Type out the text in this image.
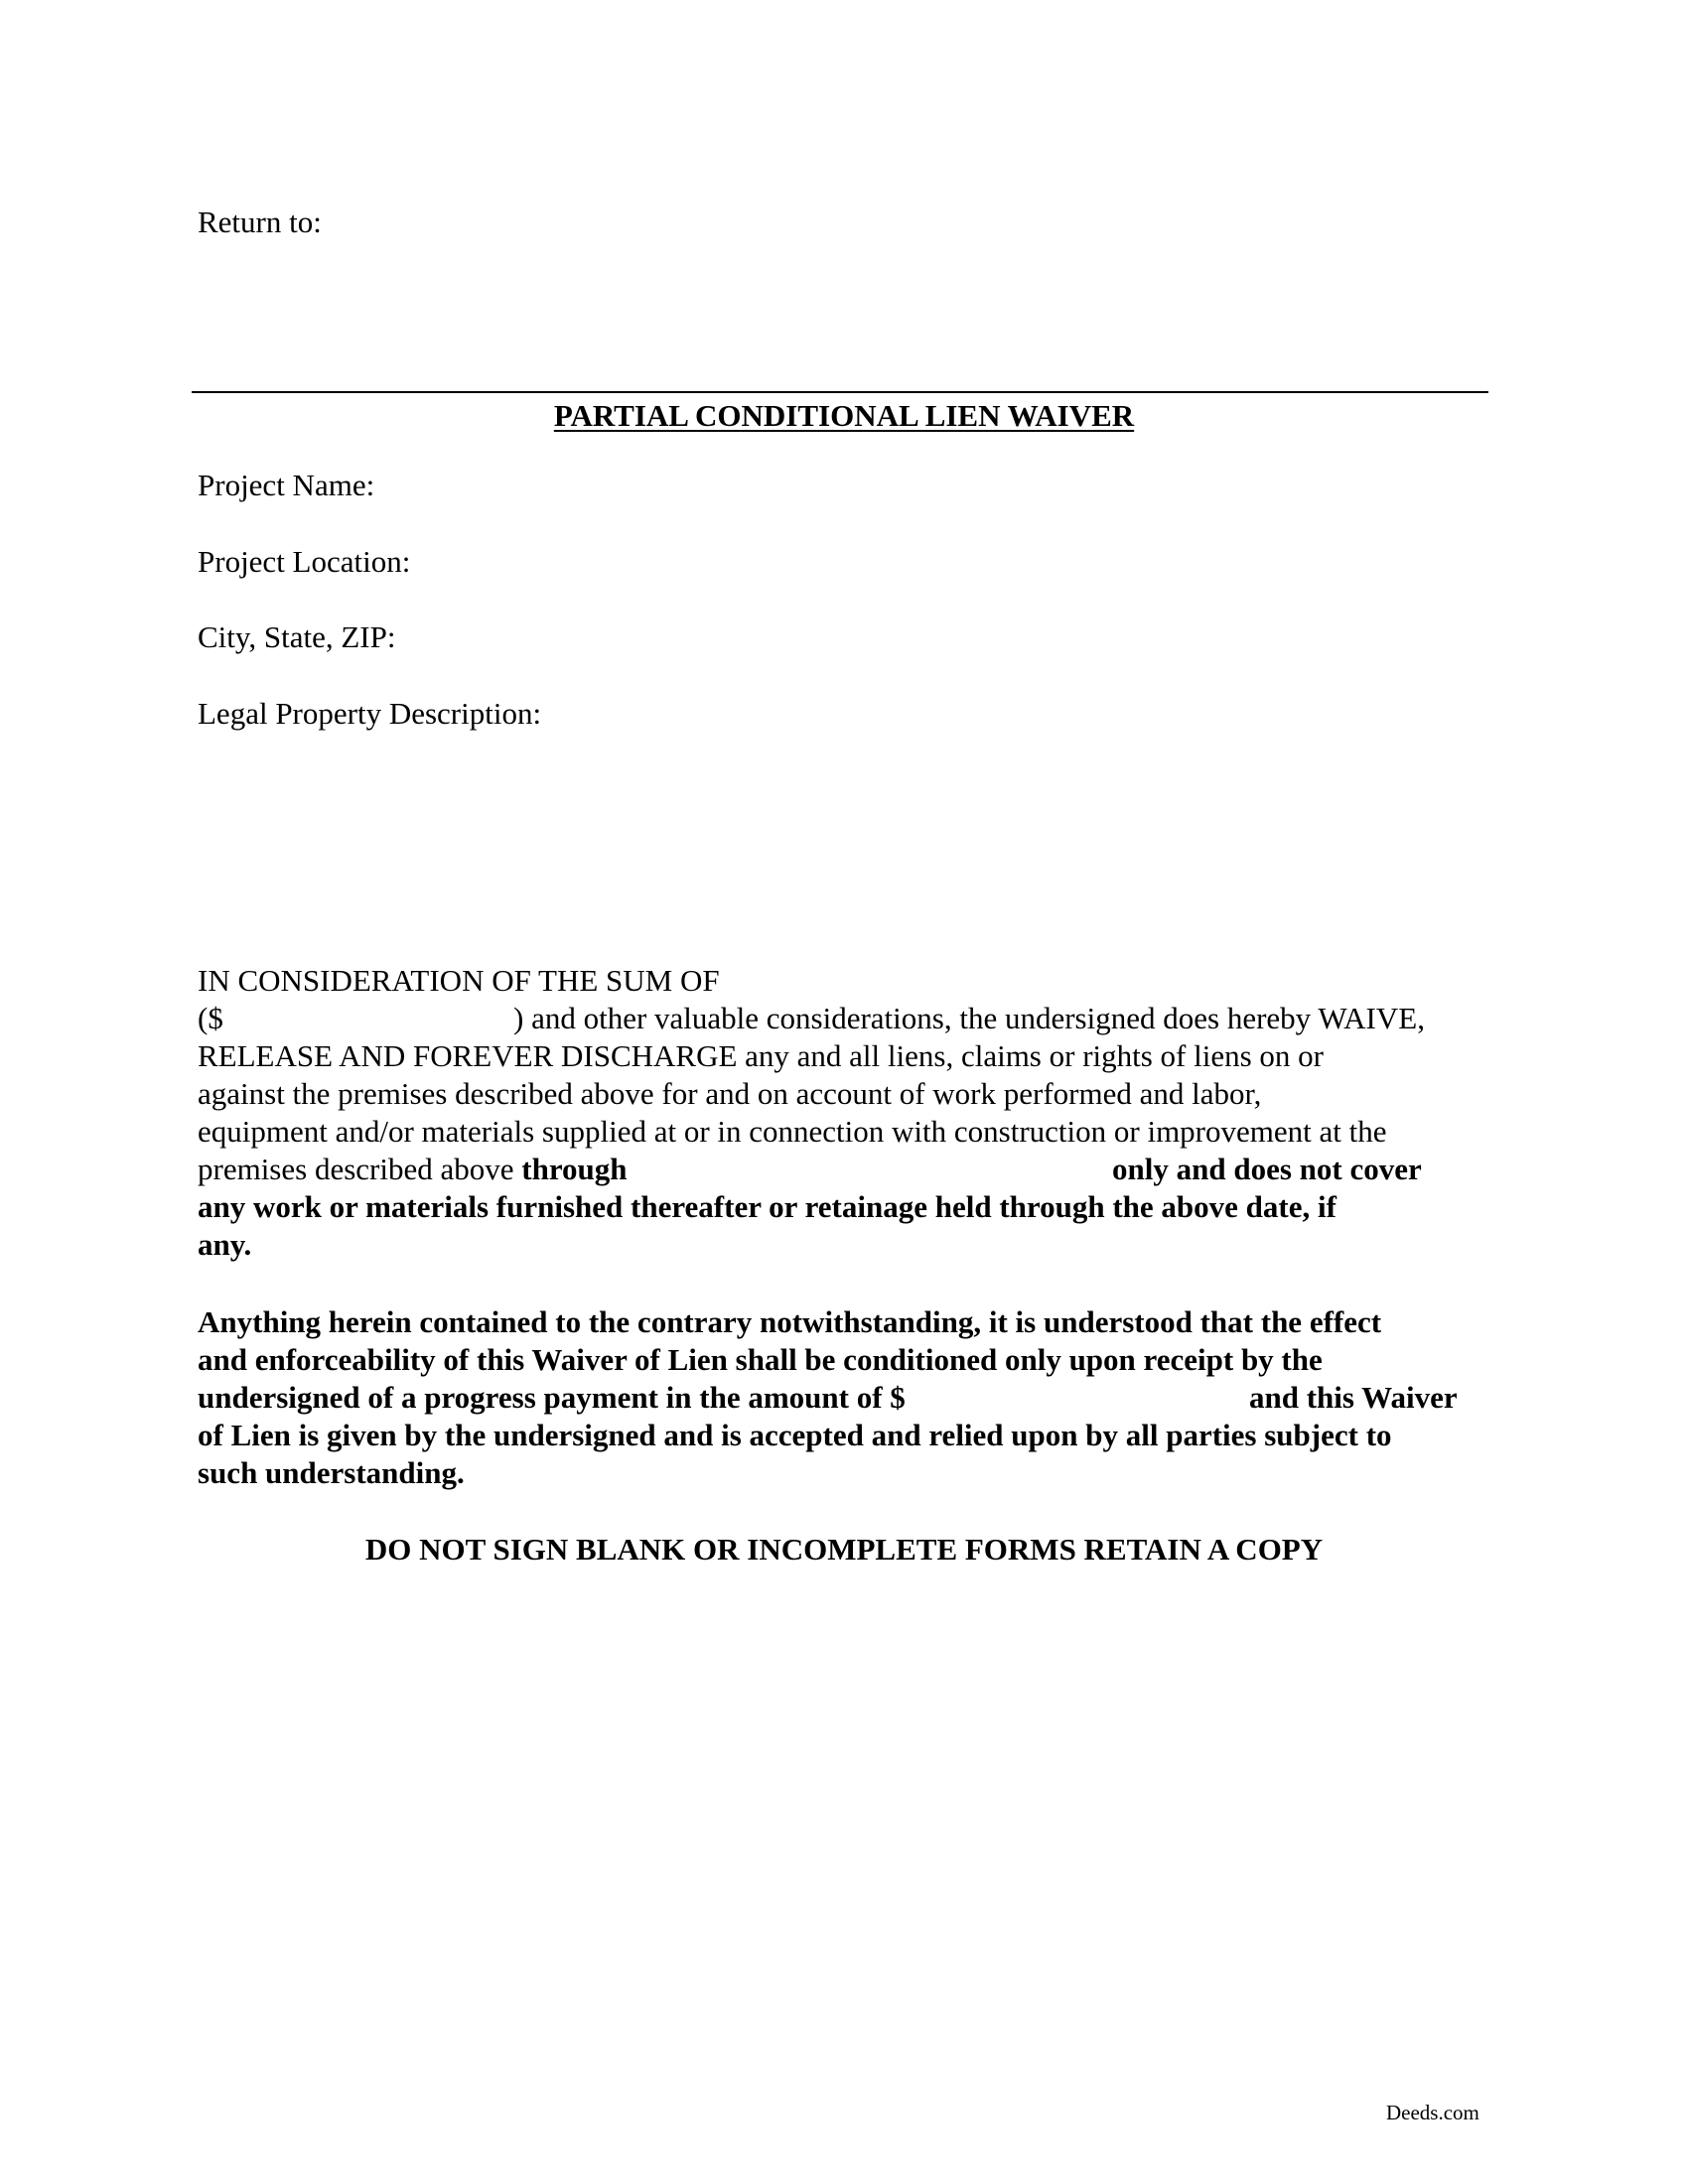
Return to:
PARTIAL CONDITIONAL LIEN WAIVER
Project Name:
Project Location:
City, State, ZIP:
Legal Property Description:
IN CONSIDERATION OF THE SUM OF
($	) and other valuable considerations, the undersigned does hereby WAIVE,
RELEASE AND FOREVER DISCHARGE any and all liens, claims or rights of liens on or
against the premises described above for and on account of work performed and labor,
equipment and/or materials supplied at or in connection with construction or improvement at the
premises described above through	only and does not cover
any work or materials furnished thereafter or retainage held through the above date, if
any.
Anything herein contained to the contrary notwithstanding, it is understood that the effect
and enforceability of this Waiver of Lien shall be conditioned only upon receipt by the
undersigned of a progress payment in the amount of $	and this Waiver
of Lien is given by the undersigned and is accepted and relied upon by all parties subject to
such understanding.
DO NOT SIGN BLANK OR INCOMPLETE FORMS RETAIN A COPY
Deeds.com
